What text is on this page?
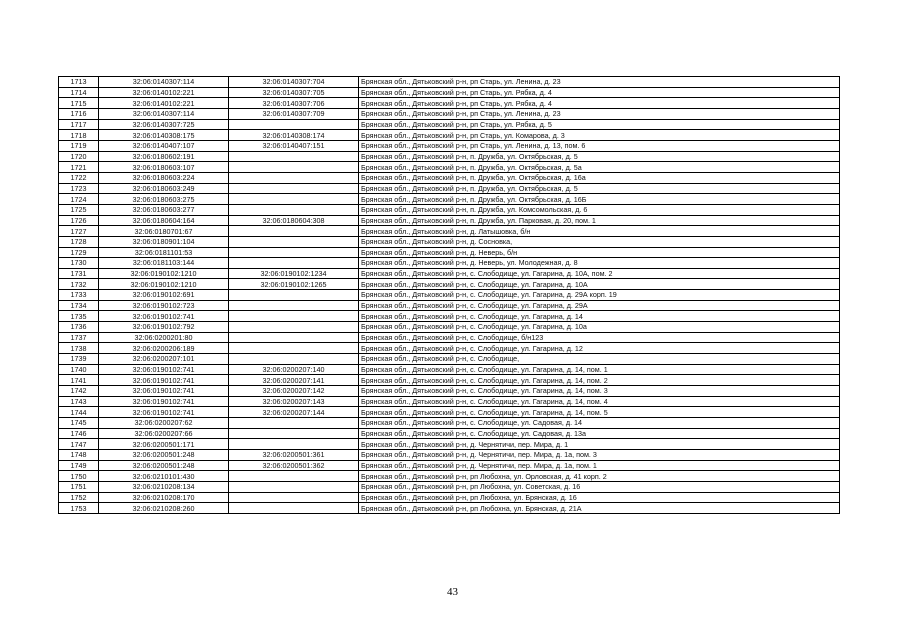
1713	32:06:0140307:114	32:06:0140307:704	Брянская обл., Дятьковский р-н, рп Старь, ул. Ленина, д. 23
1714	32:06:0140102:221	32:06:0140307:705	Брянская обл., Дятьковский р-н, рп Старь, ул. Рябка, д. 4
1715	32:06:0140102:221	32:06:0140307:706	Брянская обл., Дятьковский р-н, рп Старь, ул. Рябка, д. 4
1716	32:06:0140307:114	32:06:0140307:709	Брянская обл., Дятьковский р-н, рп Старь, ул. Ленина, д. 23
1717	32:06:0140307:725		Брянская обл., Дятьковский р-н, рп Старь, ул. Рябка, д. 5
1718	32:06:0140308:175	32:06:0140308:174	Брянская обл., Дятьковский р-н, рп Старь, ул. Комарова, д. 3
1719	32:06:0140407:107	32:06:0140407:151	Брянская обл., Дятьковский р-н, рп Старь, ул. Ленина, д. 13, пом. 6
1720	32:06:0180602:191		Брянская обл., Дятьковский р-н, п. Дружба, ул. Октябрьская, д. 5
1721	32:06:0180603:107		Брянская обл., Дятьковский р-н, п. Дружба, ул. Октябрьская, д. 5а
1722	32:06:0180603:224		Брянская обл., Дятьковский р-н, п. Дружба, ул. Октябрьская, д. 16а
1723	32:06:0180603:249		Брянская обл., Дятьковский р-н, п. Дружба, ул. Октябрьская, д. 5
1724	32:06:0180603:275		Брянская обл., Дятьковский р-н, п. Дружба, ул. Октябрьская, д. 16Б
1725	32:06:0180603:277		Брянская обл., Дятьковский р-н, п. Дружба, ул. Комсомольская, д. 6
1726	32:06:0180604:164	32:06:0180604:308	Брянская обл., Дятьковский р-н, п. Дружба, ул. Парковая, д. 20, пом. 1
1727	32:06:0180701:67		Брянская обл., Дятьковский р-н, д. Латышовка, б/н
1728	32:06:0180901:104		Брянская обл., Дятьковский р-н, д. Сосновка,
1729	32:06:0181101:53		Брянская обл., Дятьковский р-н, д. Неверь, б/н
1730	32:06:0181103:144		Брянская обл., Дятьковский р-н, д. Неверь, ул. Молодежная, д. 8
1731	32:06:0190102:1210	32:06:0190102:1234	Брянская обл., Дятьковский р-н, с. Слободище, ул. Гагарина, д. 10А, пом. 2
1732	32:06:0190102:1210	32:06:0190102:1265	Брянская обл., Дятьковский р-н, с. Слободище, ул. Гагарина, д. 10А
1733	32:06:0190102:691		Брянская обл., Дятьковский р-н, с. Слободище, ул. Гагарина, д. 29А корп. 19
1734	32:06:0190102:723		Брянская обл., Дятьковский р-н, с. Слободище, ул. Гагарина, д. 29А
1735	32:06:0190102:741		Брянская обл., Дятьковский р-н, с. Слободище, ул. Гагарина, д. 14
1736	32:06:0190102:792		Брянская обл., Дятьковский р-н, с. Слободище, ул. Гагарина, д. 10а
1737	32:06:0200201:80		Брянская обл., Дятьковский р-н, с. Слободище, б/н123
1738	32:06:0200206:189		Брянская обл., Дятьковский р-н, с. Слободище, ул. Гагарина, д. 12
1739	32:06:0200207:101		Брянская обл., Дятьковский р-н, с. Слободище,
1740	32:06:0190102:741	32:06:0200207:140	Брянская обл., Дятьковский р-н, с. Слободище, ул. Гагарина, д. 14, пом. 1
1741	32:06:0190102:741	32:06:0200207:141	Брянская обл., Дятьковский р-н, с. Слободище, ул. Гагарина, д. 14, пом. 2
1742	32:06:0190102:741	32:06:0200207:142	Брянская обл., Дятьковский р-н, с. Слободище, ул. Гагарина, д. 14, пом. 3
1743	32:06:0190102:741	32:06:0200207:143	Брянская обл., Дятьковский р-н, с. Слободище, ул. Гагарина, д. 14, пом. 4
1744	32:06:0190102:741	32:06:0200207:144	Брянская обл., Дятьковский р-н, с. Слободище, ул. Гагарина, д. 14, пом. 5
1745	32:06:0200207:62		Брянская обл., Дятьковский р-н, с. Слободище, ул. Садовая, д. 14
1746	32:06:0200207:66		Брянская обл., Дятьковский р-н, с. Слободище, ул. Садовая, д. 13а
1747	32:06:0200501:171		Брянская обл., Дятьковский р-н, д. Чернятичи, пер. Мира, д. 1
1748	32:06:0200501:248	32:06:0200501:361	Брянская обл., Дятьковский р-н, д. Чернятичи, пер. Мира, д. 1а, пом. 3
1749	32:06:0200501:248	32:06:0200501:362	Брянская обл., Дятьковский р-н, д. Чернятичи, пер. Мира, д. 1а, пом. 1
1750	32:06:0210101:430		Брянская обл., Дятьковский р-н, рп Любохна, ул. Орловская, д. 41 корп. 2
1751	32:06:0210208:134		Брянская обл., Дятьковский р-н, рп Любохна, ул. Советская, д. 16
1752	32:06:0210208:170		Брянская обл., Дятьковский р-н, рп Любохна, ул. Брянская, д. 16
1753	32:06:0210208:260		Брянская обл., Дятьковский р-н, рп Любохна, ул. Брянская, д. 21А
43
